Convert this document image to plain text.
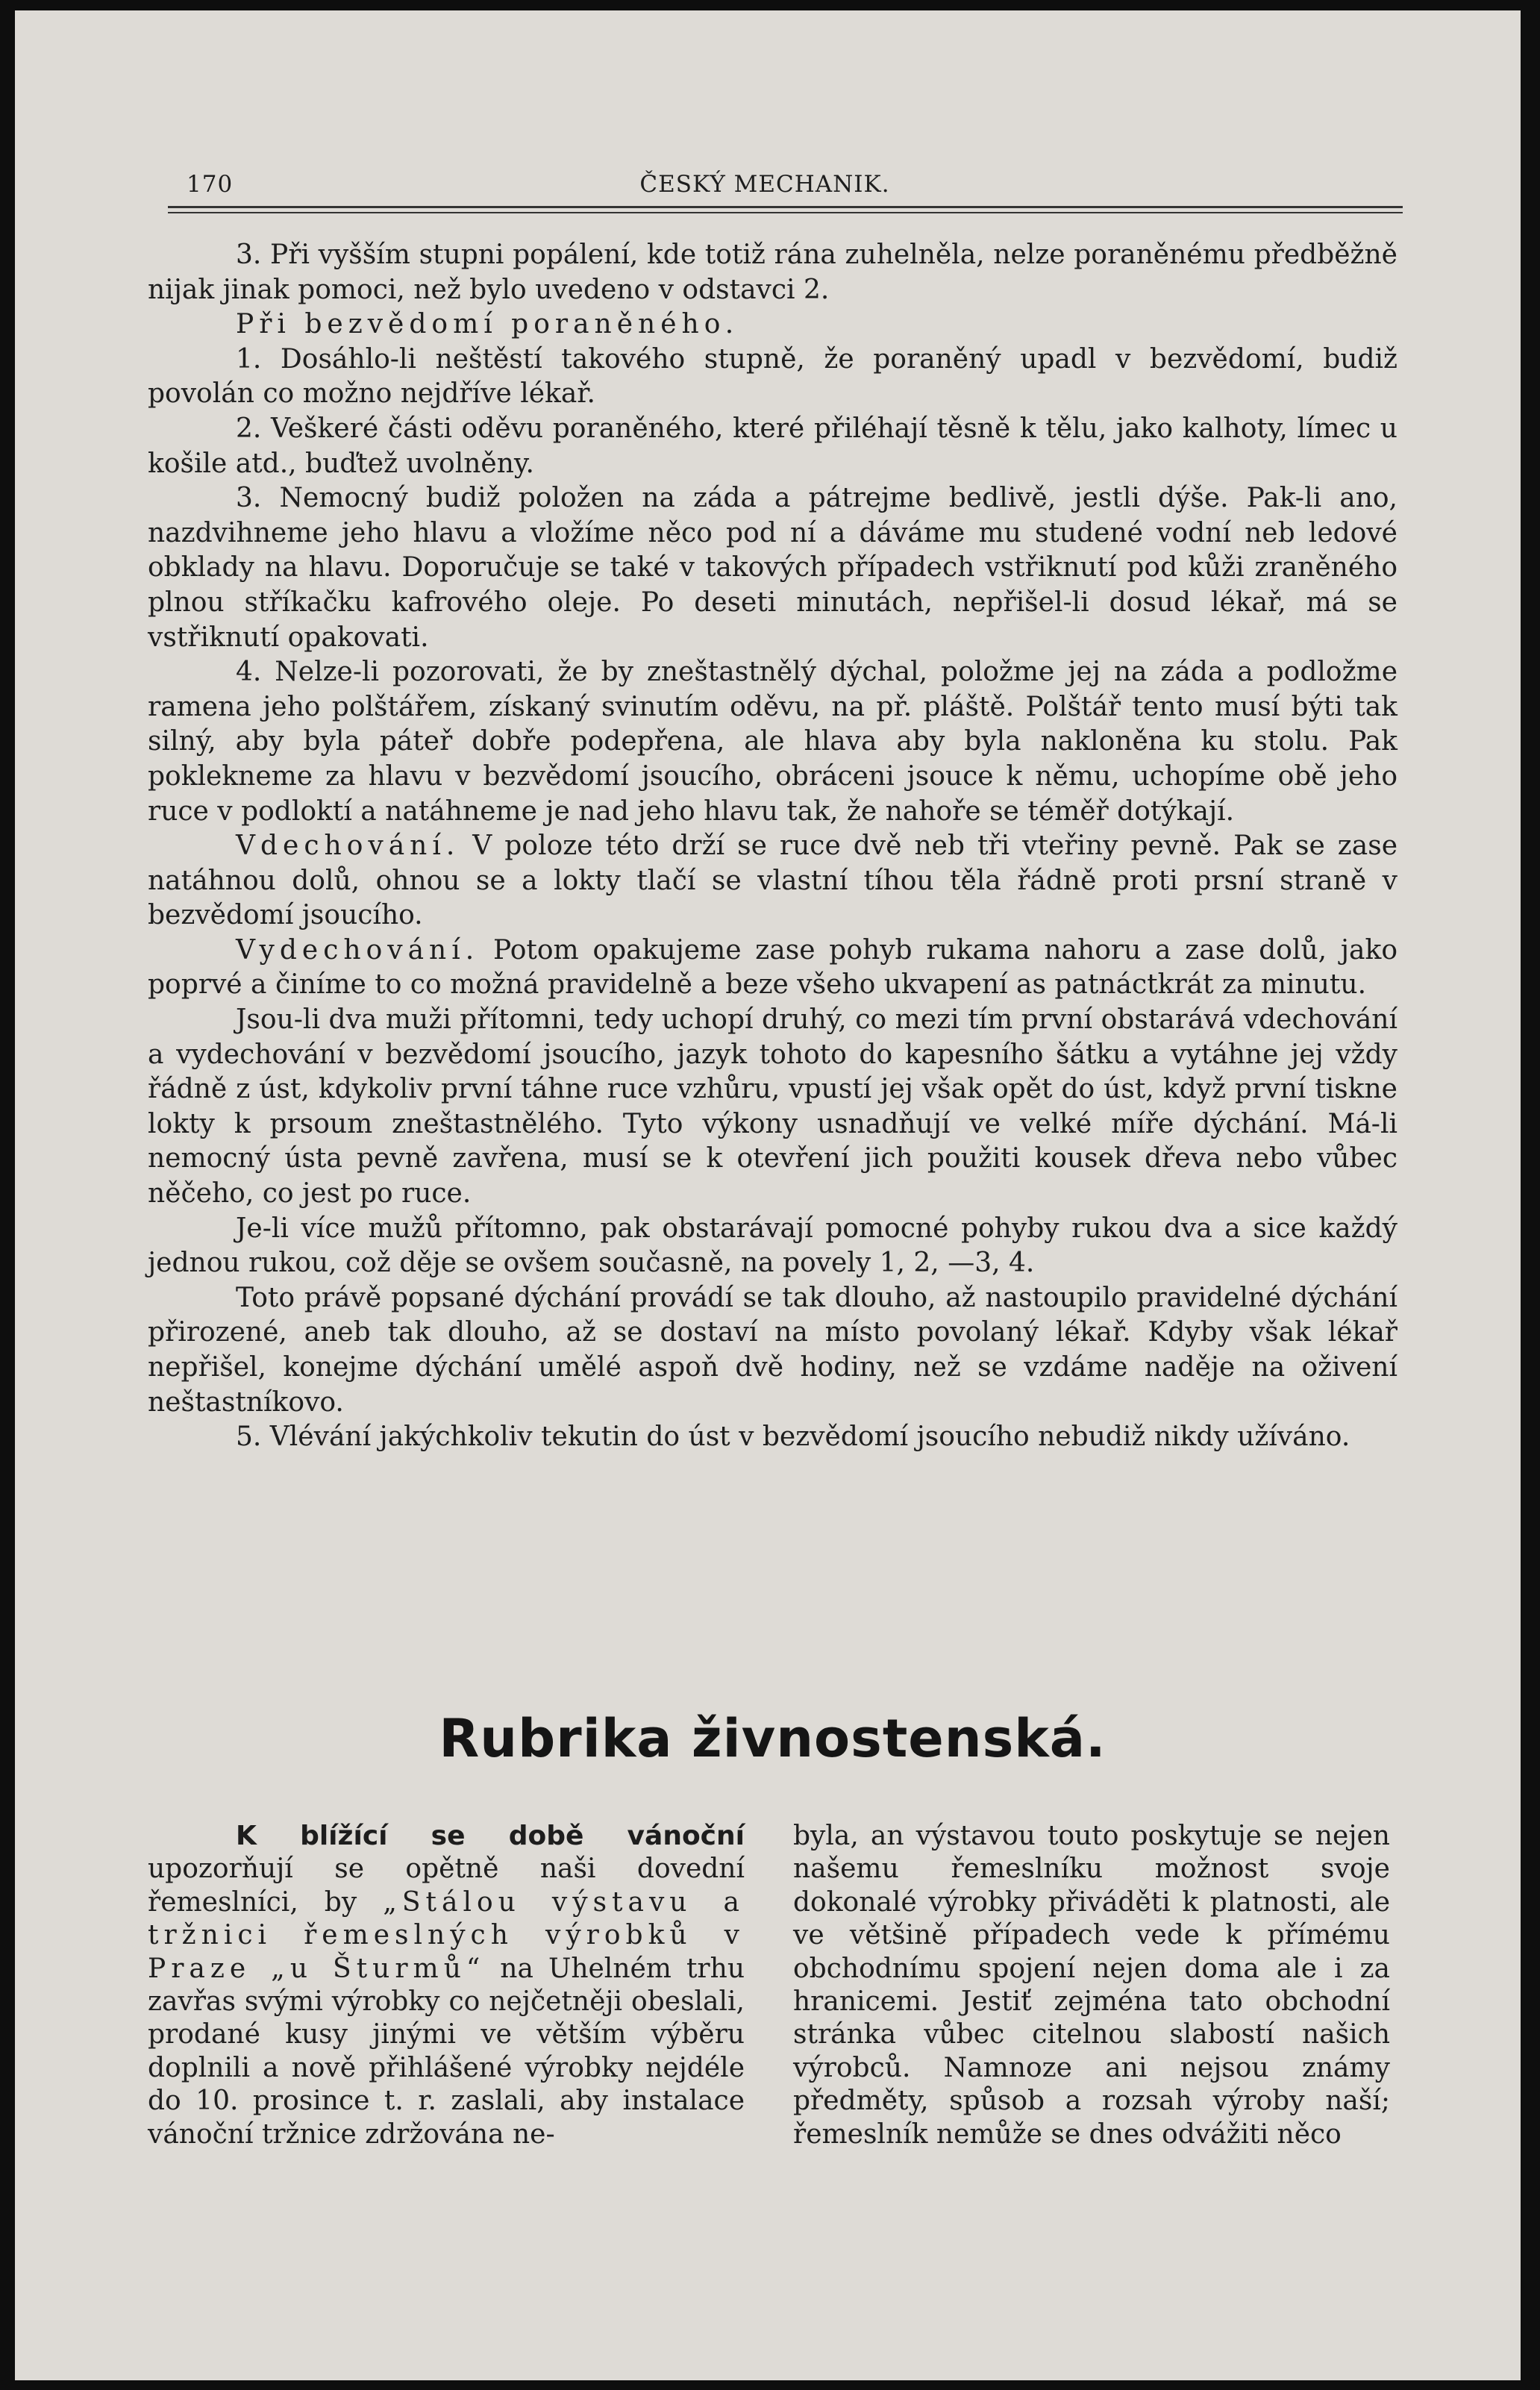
170	ČESKÝ MECHANIK.

3. Při vyšším stupni popálení, kde totiž rána zuhelněla, nelze poraněnému předběžně nijak jinak pomoci, než bylo uvedeno v odstavci 2.

Při bezvědomí poraněného.

1. Dosáhlo-li neštěstí takového stupně, že poraněný upadl v bezvědomí, budiž povolán co možno nejdříve lékař.

2. Veškeré části oděvu poraněného, které přiléhají těsně k tělu, jako kalhoty, límec u košile atd., buďtež uvolněny.

3. Nemocný budiž položen na záda a pátrejme bedlivě, jestli dýše. Pak-li ano, nazdvihneme jeho hlavu a vložíme něco pod ní a dáváme mu studené vodní neb ledové obklady na hlavu. Doporučuje se také v takových případech vstřiknutí pod kůži zraněného plnou stříkačku kafrového oleje. Po deseti minutách, nepřišel-li dosud lékař, má se vstřiknutí opakovati.

4. Nelze-li pozorovati, že by zneštastnělý dýchal, položme jej na záda a podložme ramena jeho polštářem, získaný svinutím oděvu, na př. pláště. Polštář tento musí býti tak silný, aby byla páteř dobře podepřena, ale hlava aby byla nakloněna ku stolu. Pak poklekneme za hlavu v bezvědomí jsoucího, obráceni jsouce k němu, uchopíme obě jeho ruce v podloktí a natáhneme je nad jeho hlavu tak, že nahoře se téměř dotýkají.

Vdechování. V poloze této drží se ruce dvě neb tři vteřiny pevně. Pak se zase natáhnou dolů, ohnou se a lokty tlačí se vlastní tíhou těla řádně proti prsní straně v bezvědomí jsoucího.

Vydechování. Potom opakujeme zase pohyb rukama nahoru a zase dolů, jako poprvé a činíme to co možná pravidelně a beze všeho ukvapení as patnáctkrát za minutu.

Jsou-li dva muži přítomni, tedy uchopí druhý, co mezi tím první obstarává vdechování a vydechování v bezvědomí jsoucího, jazyk tohoto do kapesního šátku a vytáhne jej vždy řádně z úst, kdykoliv první táhne ruce vzhůru, vpustí jej však opět do úst, když první tiskne lokty k prsoum zneštastnělého. Tyto výkony usnadňují ve velké míře dýchání. Má-li nemocný ústa pevně zavřena, musí se k otevření jich použiti kousek dřeva nebo vůbec něčeho, co jest po ruce.

Je-li více mužů přítomno, pak obstarávají pomocné pohyby rukou dva a sice každý jednou rukou, což děje se ovšem současně, na povely 1, 2, —3, 4.

Toto právě popsané dýchání provádí se tak dlouho, až nastoupilo pravidelné dýchání přirozené, aneb tak dlouho, až se dostaví na místo povolaný lékař. Kdyby však lékař nepřišel, konejme dýchání umělé aspoň dvě hodiny, než se vzdáme naděje na oživení neštastníkovo.

5. Vlévání jakýchkoliv tekutin do úst v bezvědomí jsoucího nebudiž nikdy užíváno.

Rubrika živnostenská.

K blížící se době vánoční upozorňují se opětně naši dovední řemeslníci, by „Stálou výstavu a tržnici řemeslných výrobků v Praze „u Šturmů“ na Uhelném trhu zavřas svými výrobky co nejčetněji obeslali, prodané kusy jinými ve větším výběru doplnili a nově přihlášené výrobky nejdéle do 10. prosince t. r. zaslali, aby instalace vánoční tržnice zdržována ne-

byla, an výstavou touto poskytuje se nejen našemu řemeslníku možnost svoje dokonalé výrobky přiváděti k platnosti, ale ve většině případech vede k přímému obchodnímu spojení nejen doma ale i za hranicemi. Jestiť zejména tato obchodní stránka vůbec citelnou slabostí našich výrobců. Namnoze ani nejsou známy předměty, spůsob a rozsah výroby naší; řemeslník nemůže se dnes odvážiti něco
